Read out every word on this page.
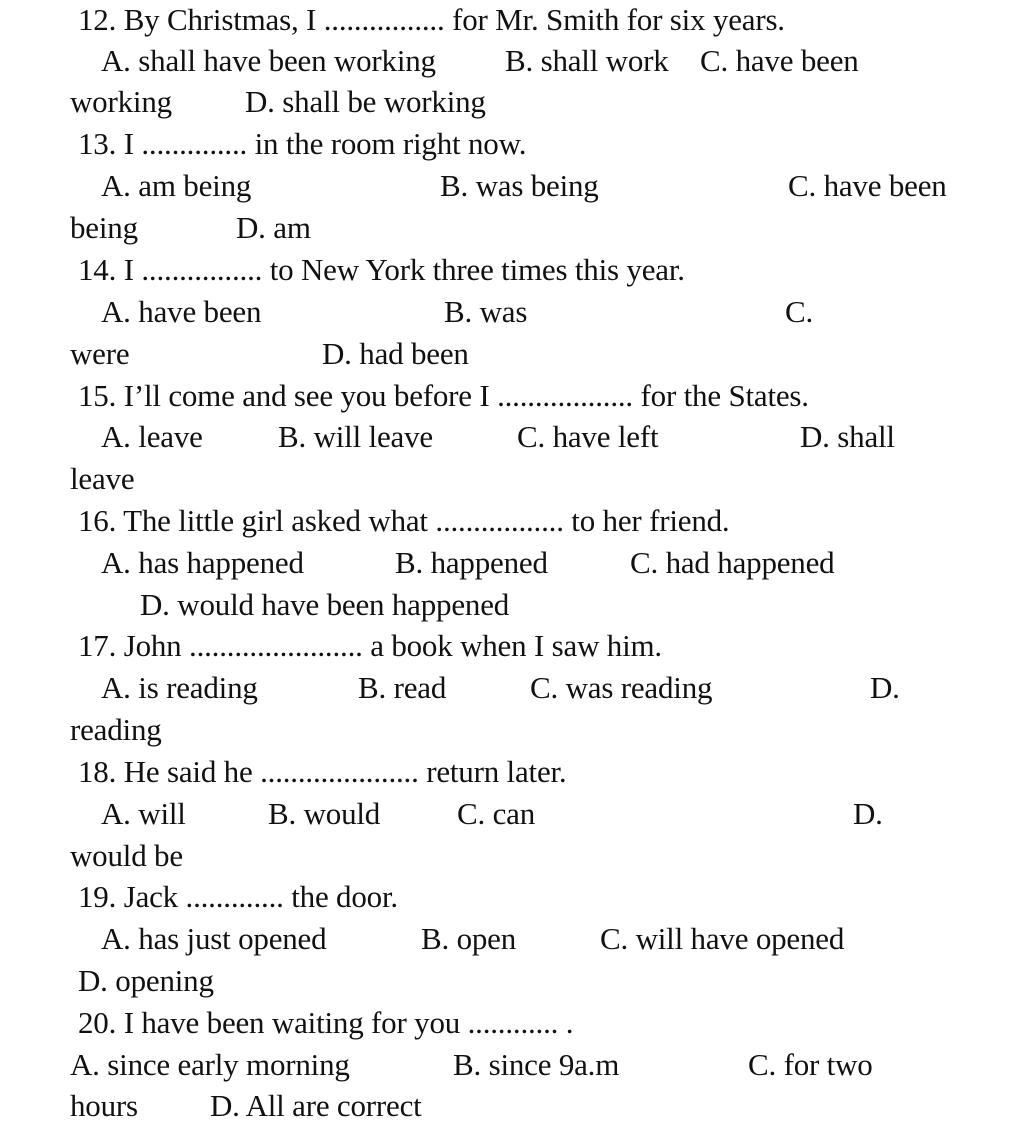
12. By Christmas, I ................ for Mr. Smith for six years.
A. shall have been working B. shall work C. have been
working D. shall be working
13. I .............. in the room right now.
A. am being	B. was being	C. have been
being	D. am
14. I ................ to New York three times this year.
A. have been	B. was	C.
were	D. had been
15. I’ll come and see you before I .................. for the States.
A. leave B. will leave	C. have left	D. shall
leave
16. The little girl asked what ................. to her friend.
A. has happened	B. happened	C. had happened
D. would have been happened
17. John ....................... a book when I saw him.
A. is reading	B. read	C. was reading	D.
reading
18. He said he ..................... return later.
A. will	B. would C. can	D.
would be
19. Jack ............. the door.
A. has just opened	B. open	C. will have opened
D. opening
20. I have been waiting for you ............ .
A. since early morning	B. since 9a.m	C. for two
hours D. All are correct
